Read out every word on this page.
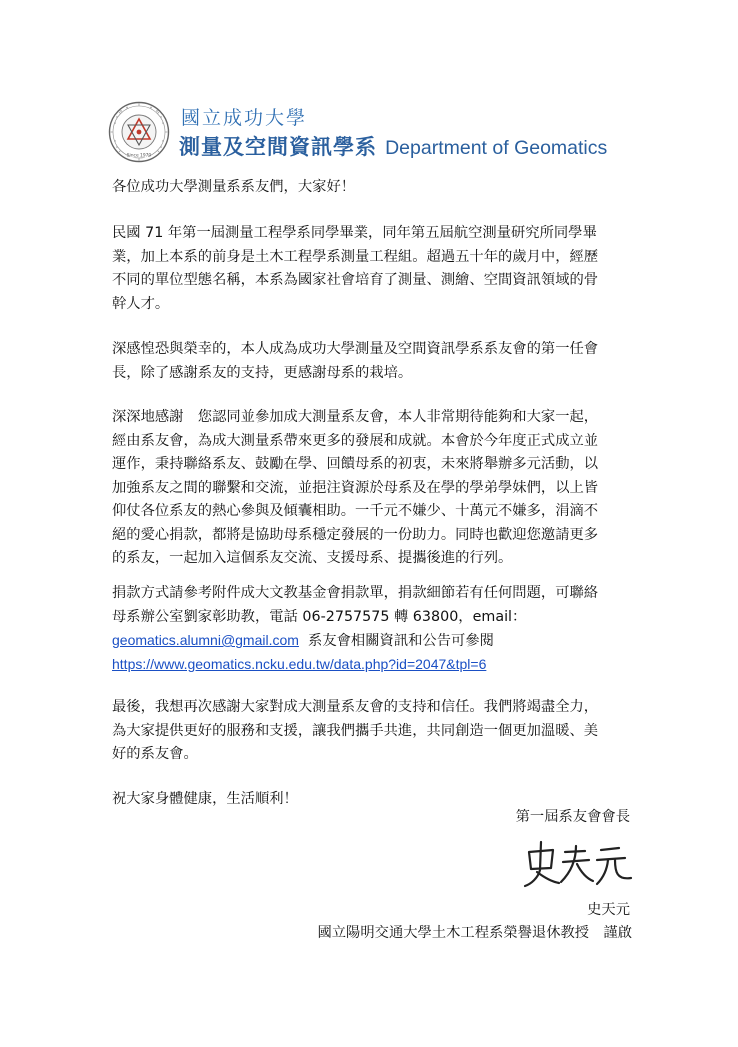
Since 1970
國立成功大學
測量及空間資訊學系 Department of Geomatics
各位成功大學測量系系友們，大家好！
民國 71 年第一屆測量工程學系同學畢業，同年第五屆航空測量研究所同學畢
業，加上本系的前身是土木工程學系測量工程組。超過五十年的歲月中，經歷
不同的單位型態名稱，本系為國家社會培育了測量、測繪、空間資訊領域的骨
幹人才。
深感惶恐與榮幸的，本人成為成功大學測量及空間資訊學系系友會的第一任會
長，除了感謝系友的支持，更感謝母系的栽培。
深深地感謝　您認同並參加成大測量系友會，本人非常期待能夠和大家一起，
經由系友會，為成大測量系帶來更多的發展和成就。本會於今年度正式成立並
運作，秉持聯絡系友、鼓勵在學、回饋母系的初衷，未來將舉辦多元活動，以
加強系友之間的聯繫和交流，並挹注資源於母系及在學的學弟學妹們，以上皆
仰仗各位系友的熱心參與及傾囊相助。一千元不嫌少、十萬元不嫌多，涓滴不
絕的愛心捐款，都將是協助母系穩定發展的一份助力。同時也歡迎您邀請更多
的系友，一起加入這個系友交流、支援母系、提攜後進的行列。
捐款方式請參考附件成大文教基金會捐款單，捐款細節若有任何問題，可聯絡
母系辦公室劉家彰助教，電話 06-2757575 轉 63800，email：
geomatics.alumni@gmail.com 系友會相關資訊和公告可參閱
https://www.geomatics.ncku.edu.tw/data.php?id=2047&tpl=6
最後，我想再次感謝大家對成大測量系友會的支持和信任。我們將竭盡全力，
為大家提供更好的服務和支援，讓我們攜手共進，共同創造一個更加溫暖、美
好的系友會。
祝大家身體健康，生活順利！
第一屆系友會會長
史天元
國立陽明交通大學土木工程系榮譽退休教授　謹啟
